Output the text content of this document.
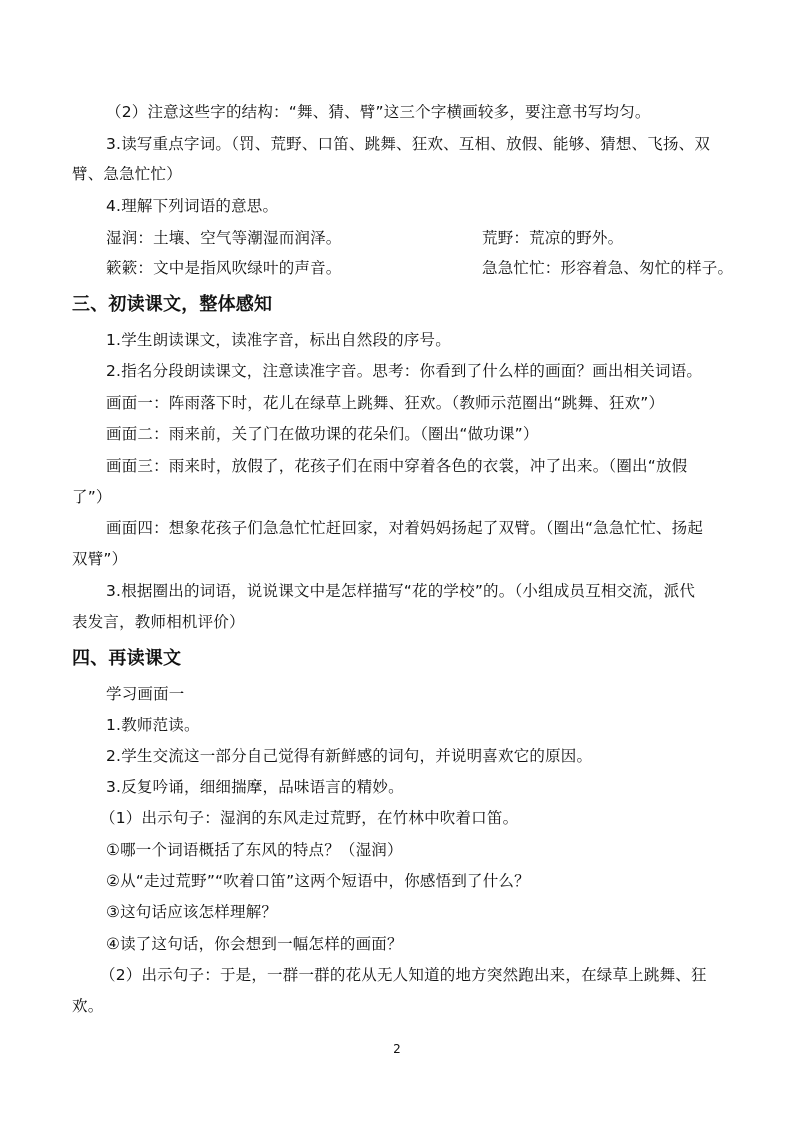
（2）注意这些字的结构：“舞、猜、臂”这三个字横画较多，要注意书写均匀。
3.读写重点字词。（罚、荒野、口笛、跳舞、狂欢、互相、放假、能够、猜想、飞扬、双
臂、急急忙忙）
4.理解下列词语的意思。
湿润：土壤、空气等潮湿而润泽。	荒野：荒凉的野外。
簌簌：文中是指风吹绿叶的声音。	急急忙忙：形容着急、匆忙的样子。
三、初读课文，整体感知
1.学生朗读课文，读准字音，标出自然段的序号。
2.指名分段朗读课文，注意读准字音。思考：你看到了什么样的画面？画出相关词语。
画面一：阵雨落下时，花儿在绿草上跳舞、狂欢。（教师示范圈出“跳舞、狂欢”）
画面二：雨来前，关了门在做功课的花朵们。（圈出“做功课”）
画面三：雨来时，放假了，花孩子们在雨中穿着各色的衣裳，冲了出来。（圈出“放假
了”）
画面四：想象花孩子们急急忙忙赶回家，对着妈妈扬起了双臂。（圈出“急急忙忙、扬起
双臂”）
3.根据圈出的词语，说说课文中是怎样描写“花的学校”的。（小组成员互相交流，派代
表发言，教师相机评价）
四、再读课文
学习画面一
1.教师范读。
2.学生交流这一部分自己觉得有新鲜感的词句，并说明喜欢它的原因。
3.反复吟诵，细细揣摩，品味语言的精妙。
（1）出示句子：湿润的东风走过荒野，在竹林中吹着口笛。
①哪一个词语概括了东风的特点？（湿润）
②从“走过荒野”“吹着口笛”这两个短语中，你感悟到了什么？
③这句话应该怎样理解？
④读了这句话，你会想到一幅怎样的画面？
（2）出示句子：于是，一群一群的花从无人知道的地方突然跑出来，在绿草上跳舞、狂
欢。
2
